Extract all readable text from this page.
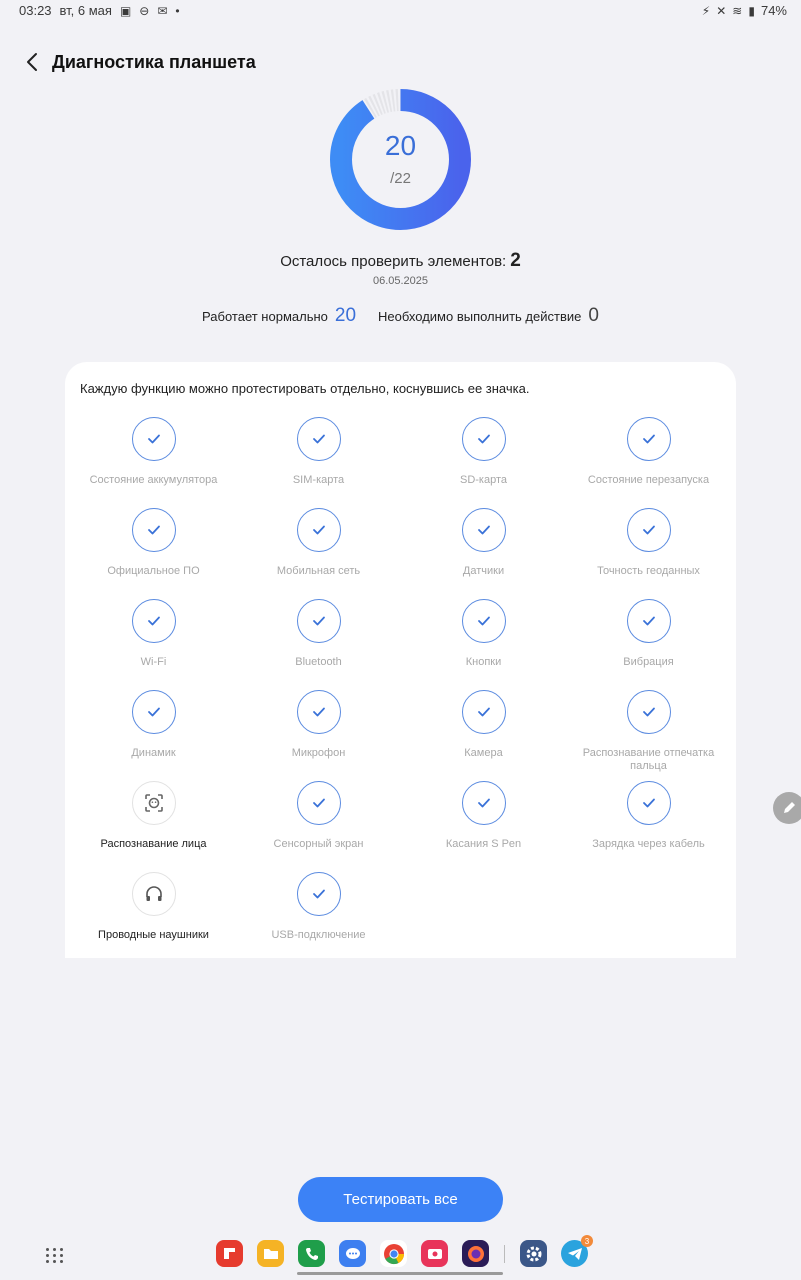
03:23 вт, 6 мая ▣ ⊖ ✉ •	⚡ ✕ ≋ ▮ 74%
Диагностика планшета
20
/22
Осталось проверить элементов: 2
06.05.2025
Работает нормально 20 Необходимо выполнить действие 0
Каждую функцию можно протестировать отдельно, коснувшись ее значка.
Состояние аккумулятора	SIM-карта	SD-карта	Состояние перезапуска
Официальное ПО	Мобильная сеть	Датчики	Точность геоданных
Wi-Fi	Bluetooth	Кнопки	Вибрация
Динамик	Микрофон	Камера	Распознавание отпечатка пальца
Распознавание лица	Сенсорный экран	Касания S Pen	Зарядка через кабель
Проводные наушники	USB-подключение
Тестировать все
3
